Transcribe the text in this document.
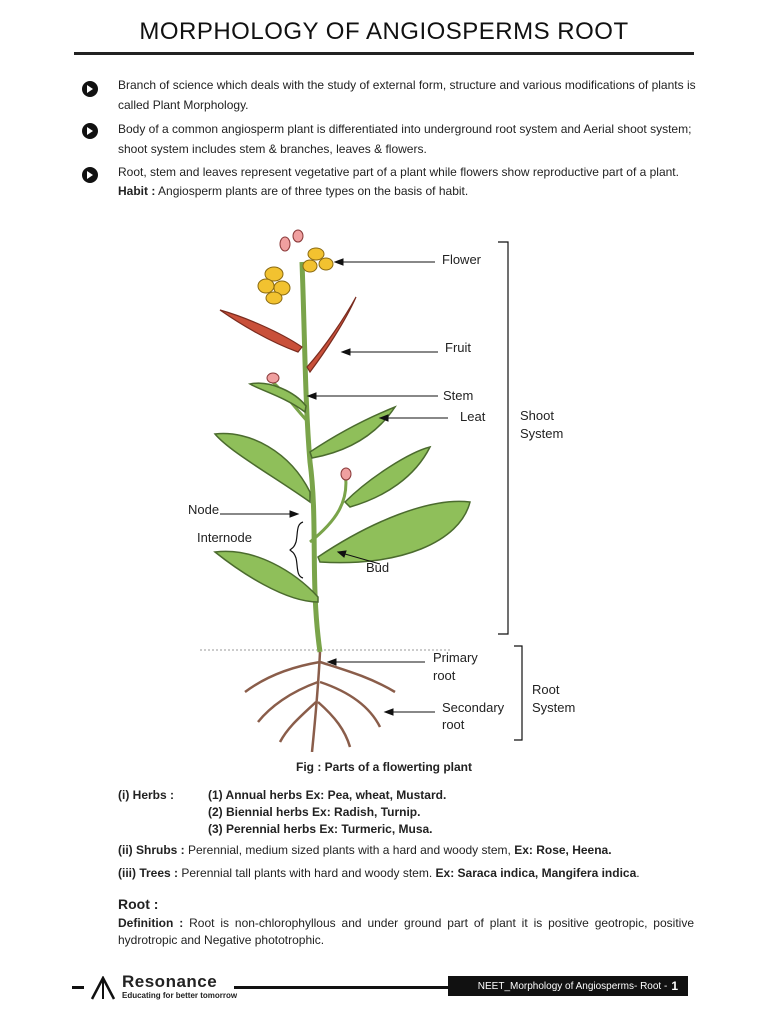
MORPHOLOGY OF ANGIOSPERMS ROOT
Branch of science which deals with the study of external form, structure and various modifications of plants is called Plant Morphology.
Body of a common angiosperm plant is differentiated into underground root system and Aerial shoot system; shoot system includes stem & branches, leaves & flowers.
Root, stem and leaves represent vegetative part of a plant while flowers show reproductive part of a plant.
Habit : Angiosperm plants are of three types on the basis of habit.
Flower
Fruit
Stem
Leat
Node
Internode
Bud
Shoot
System
Primary
root
Secondary
root
Root
System
Fig : Parts of a flowerting plant
(i) Herbs :	(1) Annual herbs Ex: Pea, wheat, Mustard.
(2) Biennial herbs Ex: Radish, Turnip.
(3) Perennial herbs Ex: Turmeric, Musa.
(ii) Shrubs : Perennial, medium sized plants with a hard and woody stem, Ex: Rose, Heena.
(iii) Trees : Perennial tall plants with hard and woody stem. Ex: Saraca indica, Mangifera indica.
Root :
Definition : Root is non-chlorophyllous and under ground part of plant it is positive geotropic, positive hydrotropic and Negative phototrophic.
Resonance
Educating for better tomorrow
NEET_Morphology of Angiosperms- Root - 1
